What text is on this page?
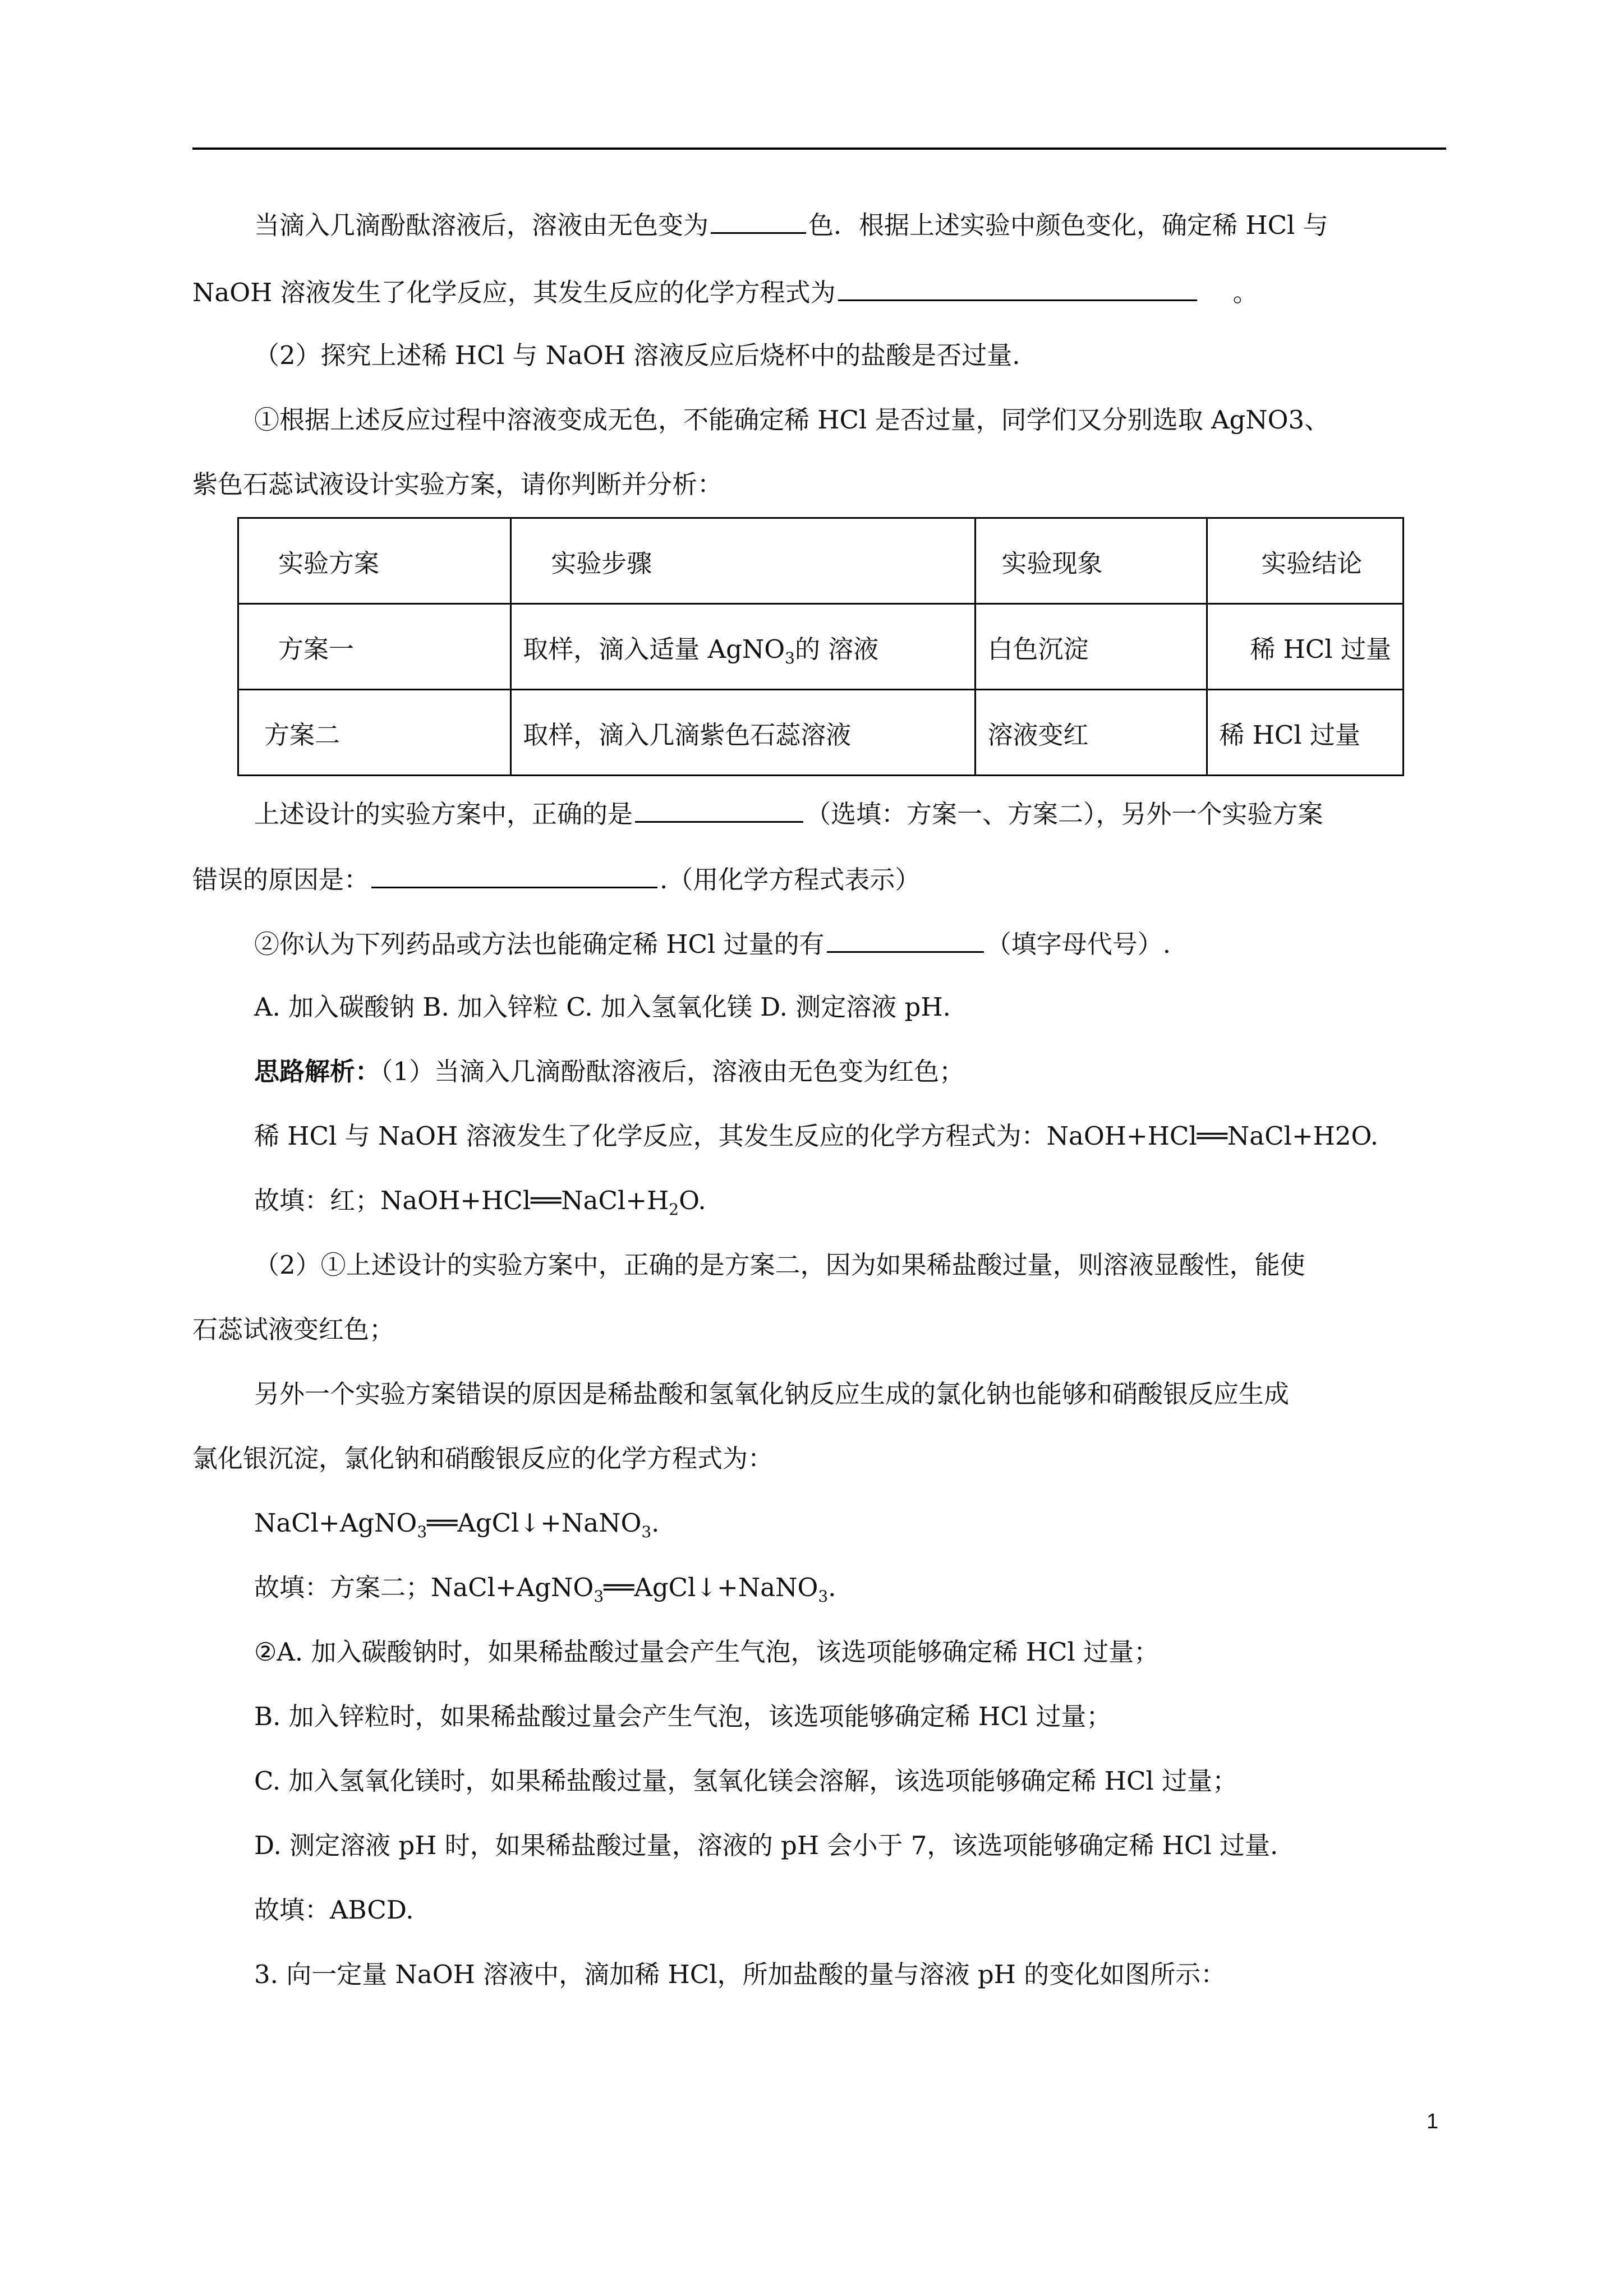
当滴入几滴酚酞溶液后，溶液由无色变为	色．根据上述实验中颜色变化，确定稀 HCl 与
NaOH 溶液发生了化学反应，其发生反应的化学方程式为	。
（2）探究上述稀 HCl 与 NaOH 溶液反应后烧杯中的盐酸是否过量.
①根据上述反应过程中溶液变成无色，不能确定稀 HCl 是否过量，同学们又分别选取 AgNO3、
紫色石蕊试液设计实验方案，请你判断并分析：
实验方案	实验步骤	实验现象	实验结论
方案一	取样，滴入适量 AgNO$_3$的 溶液	白色沉淀	稀 HCl 过量
方案二	取样，滴入几滴紫色石蕊溶液	溶液变红	稀 HCl 过量
上述设计的实验方案中，正确的是	（选填：方案一、方案二），另外一个实验方案
错误的原因是：	.（用化学方程式表示）
②你认为下列药品或方法也能确定稀 HCl 过量的有	（填字母代号）.
A. 加入碳酸钠 B. 加入锌粒 C. 加入氢氧化镁 D. 测定溶液 pH.
思路解析：（1）当滴入几滴酚酞溶液后，溶液由无色变为红色；
稀 HCl 与 NaOH 溶液发生了化学反应，其发生反应的化学方程式为：NaOH+HCl══NaCl+H2O.
故填：红；$NaOH+HCl══NaCl+H_2O$.
（2）①上述设计的实验方案中，正确的是方案二，因为如果稀盐酸过量，则溶液显酸性，能使
石蕊试液变红色；
另外一个实验方案错误的原因是稀盐酸和氢氧化钠反应生成的氯化钠也能够和硝酸银反应生成
氯化银沉淀，氯化钠和硝酸银反应的化学方程式为：
NaCl+AgNO$_3$══AgCl↓+NaNO$_3$.
故填：方案二；NaCl+AgNO$_3$══AgCl↓+NaNO$_3$.
②A. 加入碳酸钠时，如果稀盐酸过量会产生气泡，该选项能够确定稀 HCl 过量；
B. 加入锌粒时，如果稀盐酸过量会产生气泡，该选项能够确定稀 HCl 过量；
C. 加入氢氧化镁时，如果稀盐酸过量，氢氧化镁会溶解，该选项能够确定稀 HCl 过量；
D. 测定溶液 pH 时，如果稀盐酸过量，溶液的 pH 会小于 7，该选项能够确定稀 HCl 过量.
故填：ABCD.
3. 向一定量 NaOH 溶液中，滴加稀 HCl，所加盐酸的量与溶液 pH 的变化如图所示：
1
